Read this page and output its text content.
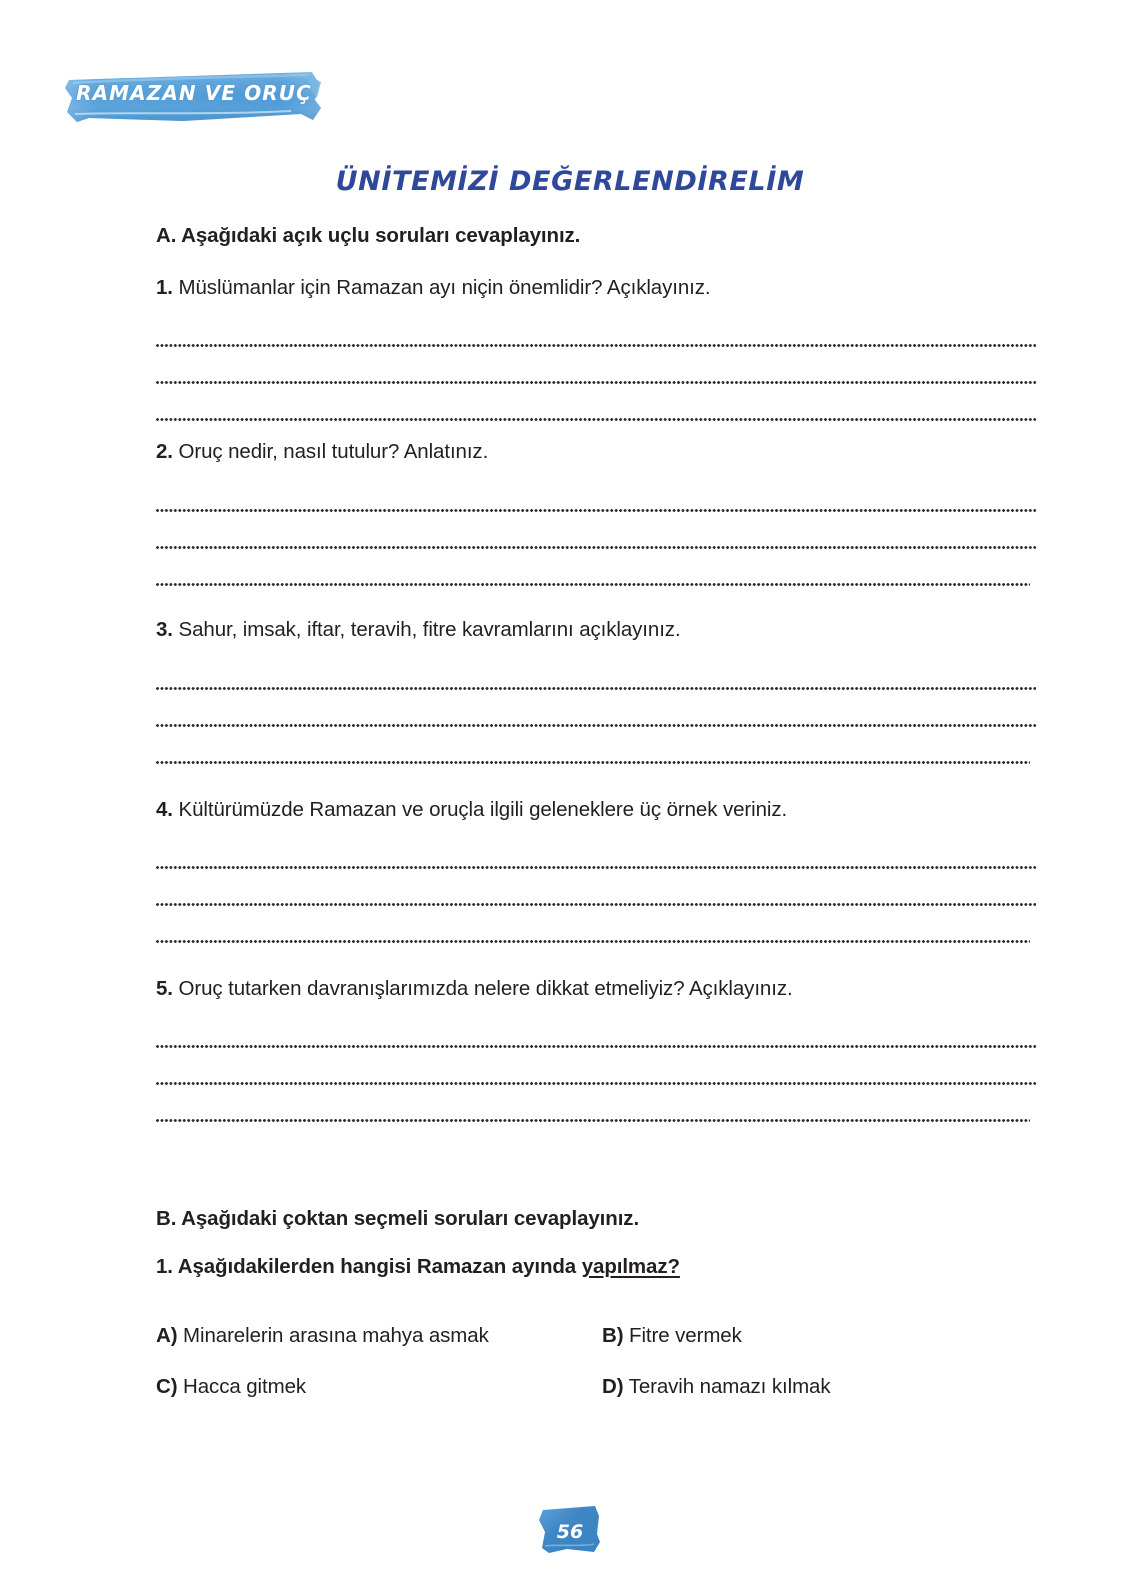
RAMAZAN VE ORUÇ
ÜNİTEMİZİ DEĞERLENDİRELİM
A. Aşağıdaki açık uçlu soruları cevaplayınız.
1. Müslümanlar için Ramazan ayı niçin önemlidir? Açıklayınız.
2. Oruç nedir, nasıl tutulur? Anlatınız.
3. Sahur, imsak, iftar, teravih, fitre kavramlarını açıklayınız.
4. Kültürümüzde Ramazan ve oruçla ilgili geleneklere üç örnek veriniz.
5. Oruç tutarken davranışlarımızda nelere dikkat etmeliyiz? Açıklayınız.
B. Aşağıdaki çoktan seçmeli soruları cevaplayınız.
1. Aşağıdakilerden hangisi Ramazan ayında yapılmaz?
A) Minarelerin arasına mahya asmak	B) Fitre vermek
C) Hacca gitmek	D) Teravih namazı kılmak
56
